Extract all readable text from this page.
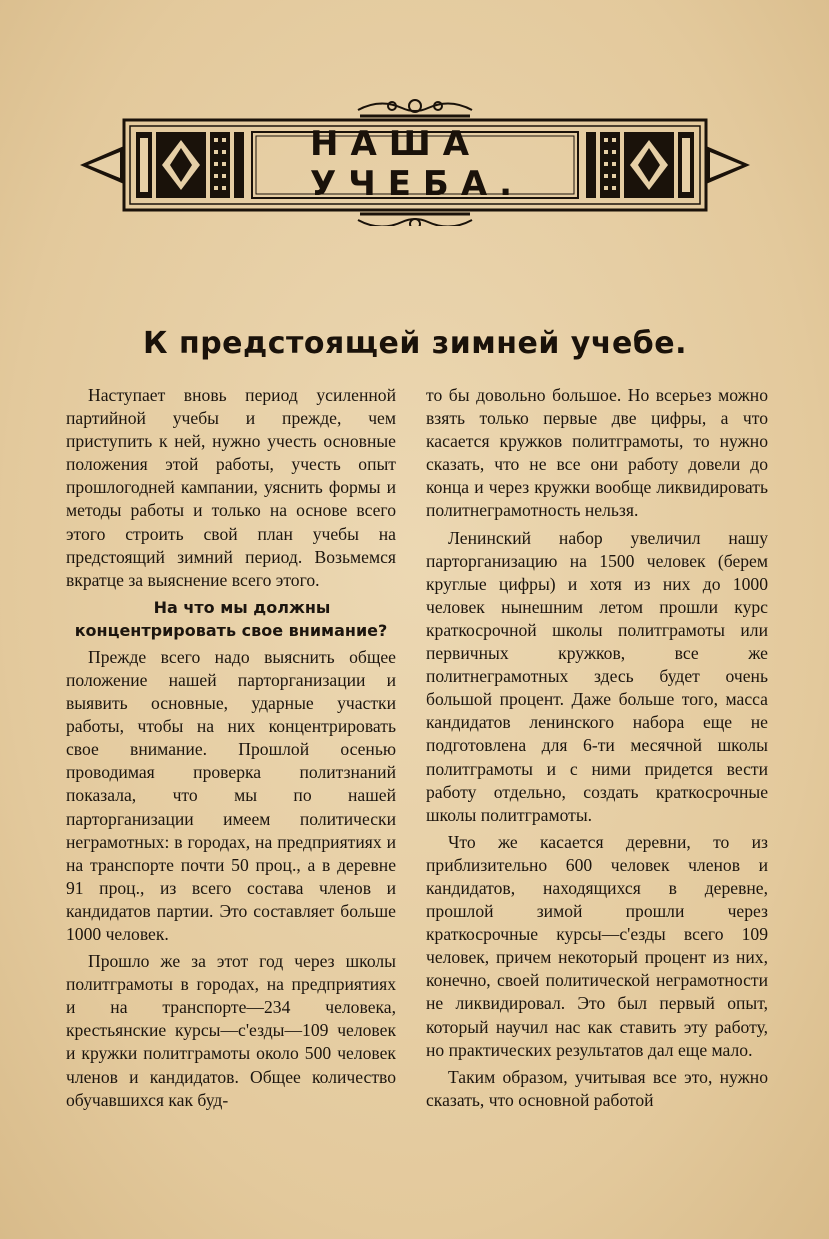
НАША УЧЕБА.
К предстоящей зимней учебе.

Наступает вновь период усиленной партийной учебы и прежде, чем приступить к ней, нужно учесть основные положения этой работы, учесть опыт прошлогодней кампании, уяснить формы и методы работы и только на основе всего этого строить свой план учебы на предстоящий зимний период. Возьмемся вкратце за выяснение всего этого.

На что мы должны концентрировать свое внимание?

Прежде всего надо выяснить общее положение нашей парторганизации и выявить основные, ударные участки работы, чтобы на них концентрировать свое внимание. Прошлой осенью проводимая проверка политзнаний показала, что мы по нашей парторганизации имеем политически неграмотных: в городах, на предприятиях и на транспорте почти 50 проц., а в деревне 91 проц., из всего состава членов и кандидатов партии. Это составляет больше 1000 человек.

Прошло же за этот год через школы политграмоты в городах, на предприятиях и на транспорте—234 человека, крестьянские курсы—с'езды—109 человек и кружки политграмоты около 500 человек членов и кандидатов. Общее количество обучавшихся как буд-

то бы довольно большое. Но всерьез можно взять только первые две цифры, а что касается кружков политграмоты, то нужно сказать, что не все они работу довели до конца и через кружки вообще ликвидировать политнеграмотность нельзя.

Ленинский набор увеличил нашу парторганизацию на 1500 человек (берем круглые цифры) и хотя из них до 1000 человек нынешним летом прошли курс краткосрочной школы политграмоты или первичных кружков, все же политнеграмотных здесь будет очень большой процент. Даже больше того, масса кандидатов ленинского набора еще не подготовлена для 6-ти месячной школы политграмоты и с ними придется вести работу отдельно, создать краткосрочные школы политграмоты.

Что же касается деревни, то из приблизительно 600 человек членов и кандидатов, находящихся в деревне, прошлой зимой прошли через краткосрочные курсы—с'езды всего 109 человек, причем некоторый процент из них, конечно, своей политической неграмотности не ликвидировал. Это был первый опыт, который научил нас как ставить эту работу, но практических результатов дал еще мало.

Таким образом, учитывая все это, нужно сказать, что основной работой
